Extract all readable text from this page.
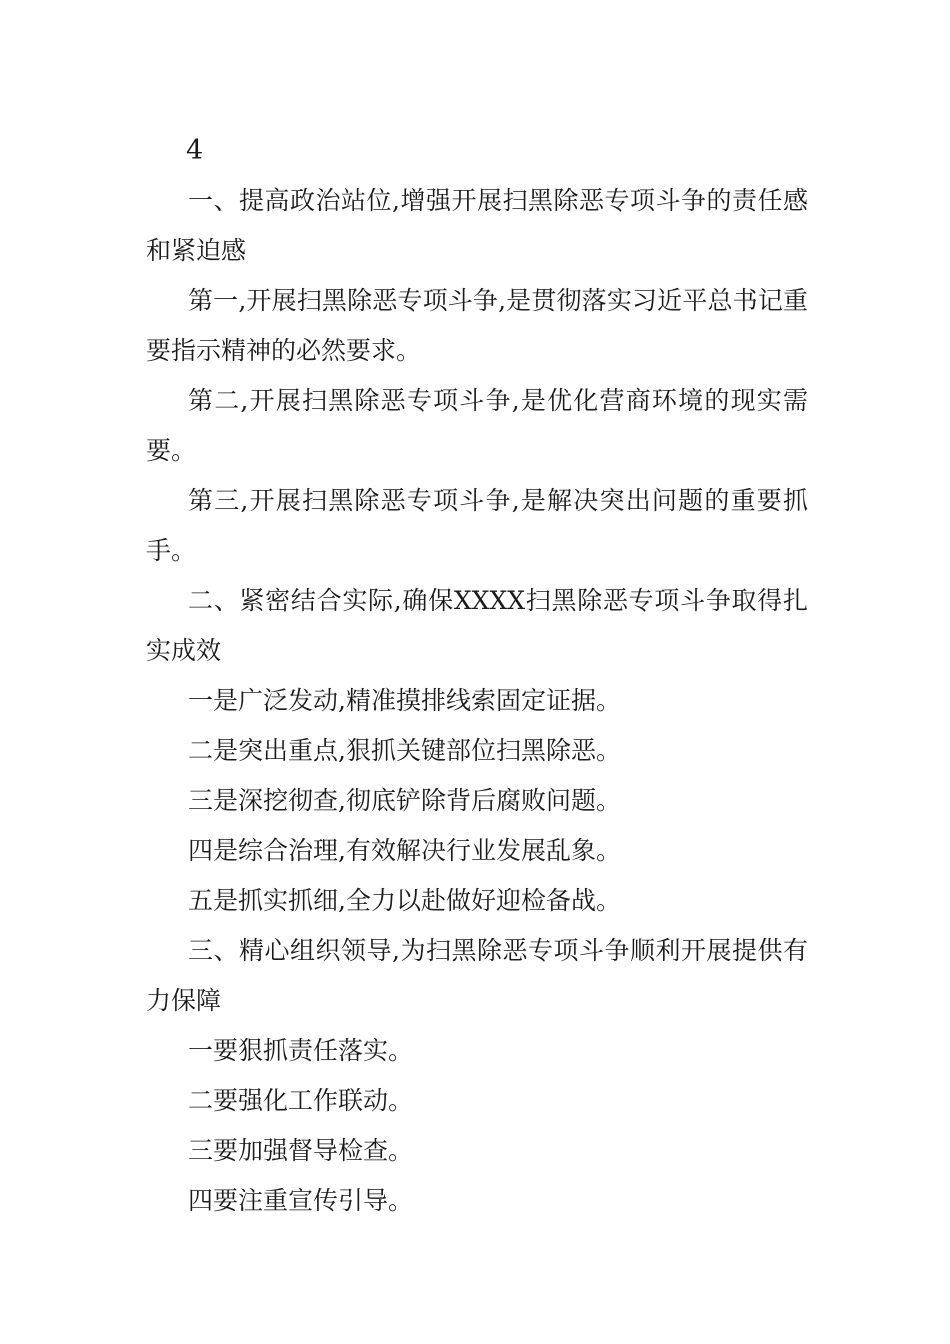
4

一、提高政治站位,增强开展扫黑除恶专项斗争的责任感和紧迫感

第一,开展扫黑除恶专项斗争,是贯彻落实习近平总书记重要指示精神的必然要求。

第二,开展扫黑除恶专项斗争,是优化营商环境的现实需要。

第三,开展扫黑除恶专项斗争,是解决突出问题的重要抓手。

二、紧密结合实际,确保XXXX扫黑除恶专项斗争取得扎实成效

一是广泛发动,精准摸排线索固定证据。

二是突出重点,狠抓关键部位扫黑除恶。

三是深挖彻查,彻底铲除背后腐败问题。

四是综合治理,有效解决行业发展乱象。

五是抓实抓细,全力以赴做好迎检备战。

三、精心组织领导,为扫黑除恶专项斗争顺利开展提供有力保障

一要狠抓责任落实。

二要强化工作联动。

三要加强督导检查。

四要注重宣传引导。
